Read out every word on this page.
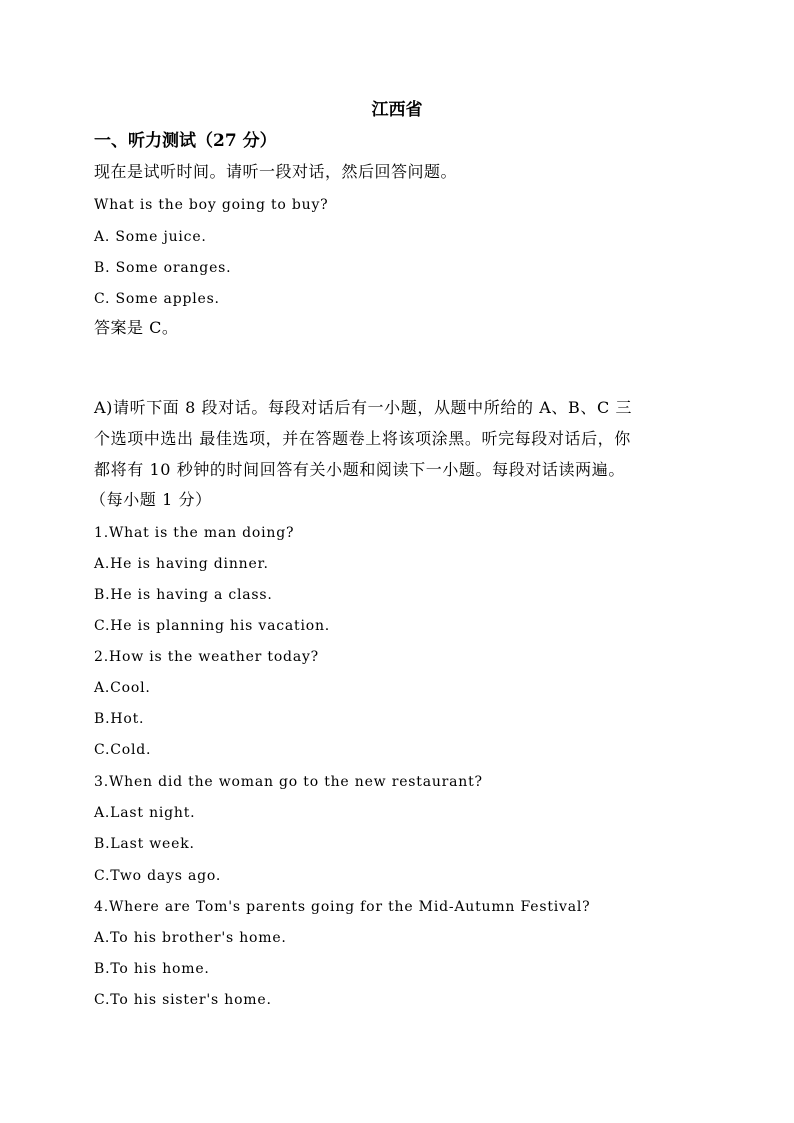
江西省
一、听力测试（27 分）
现在是试听时间。请听一段对话，然后回答问题。
What is the boy going to buy?
A. Some juice.
B. Some oranges.
C. Some apples.
答案是 C。
A)请听下面 8 段对话。每段对话后有一小题，从题中所给的 A、B、C 三
个选项中选出 最佳选项，并在答题卷上将该项涂黑。听完每段对话后，你
都将有 10 秒钟的时间回答有关小题和阅读下一小题。每段对话读两遍。
（每小题 1 分）
1.What is the man doing?
A.He is having dinner.
B.He is having a class.
C.He is planning his vacation.
2.How is the weather today?
A.Cool.
B.Hot.
C.Cold.
3.When did the woman go to the new restaurant?
A.Last night.
B.Last week.
C.Two days ago.
4.Where are Tom's parents going for the Mid-Autumn Festival?
A.To his brother's home.
B.To his home.
C.To his sister's home.
